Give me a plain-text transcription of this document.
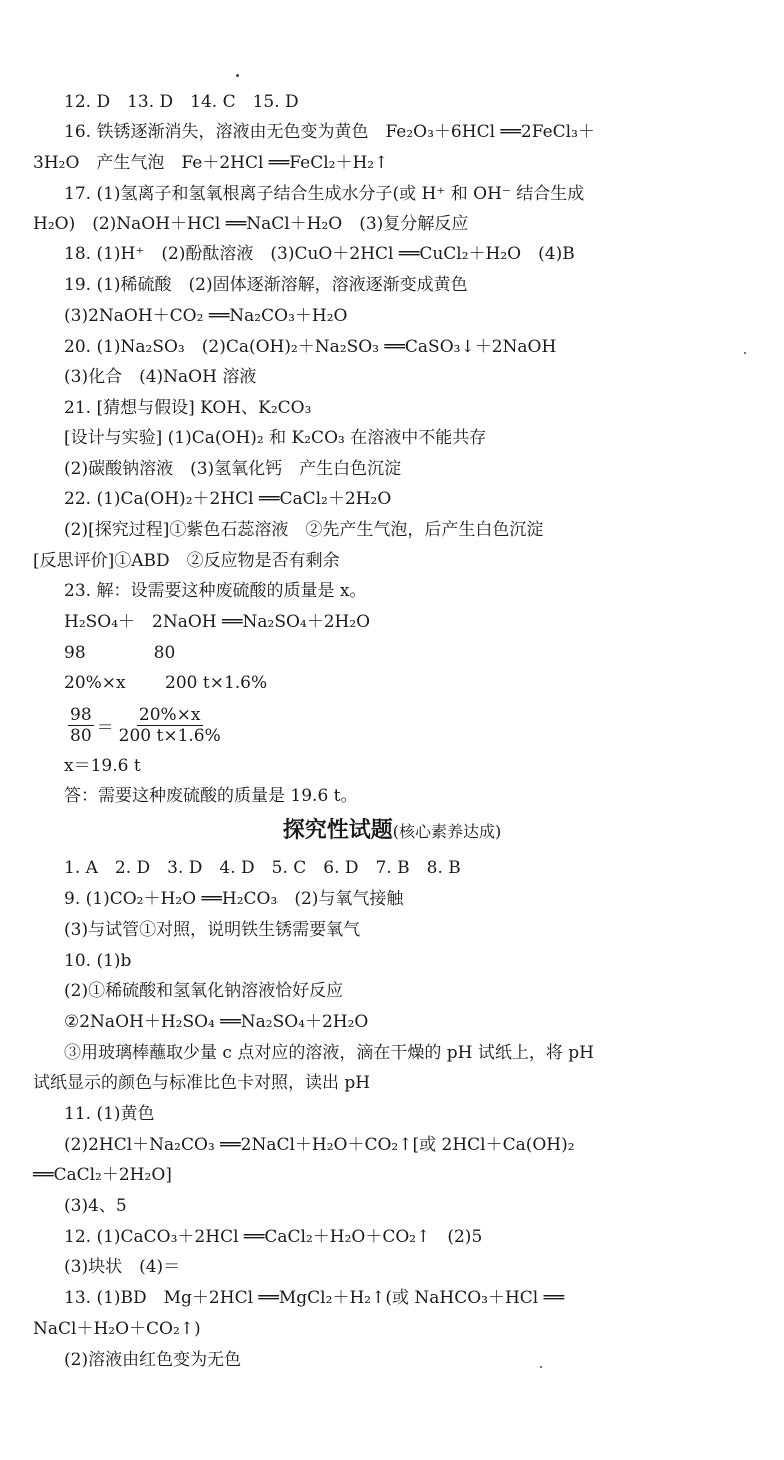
12. D　13. D　14. C　15. D
16. 铁锈逐渐消失，溶液由无色变为黄色　Fe₂O₃＋6HCl ══2FeCl₃＋
3H₂O　产生气泡　Fe＋2HCl ══FeCl₂＋H₂↑
17. (1)氢离子和氢氧根离子结合生成水分子(或 H⁺ 和 OH⁻ 结合生成
H₂O)　(2)NaOH＋HCl ══NaCl＋H₂O　(3)复分解反应
18. (1)H⁺　(2)酚酞溶液　(3)CuO＋2HCl ══CuCl₂＋H₂O　(4)B
19. (1)稀硫酸　(2)固体逐渐溶解，溶液逐渐变成黄色
(3)2NaOH＋CO₂ ══Na₂CO₃＋H₂O
20. (1)Na₂SO₃　(2)Ca(OH)₂＋Na₂SO₃ ══CaSO₃↓＋2NaOH
(3)化合　(4)NaOH 溶液
21. [猜想与假设] KOH、K₂CO₃
[设计与实验] (1)Ca(OH)₂ 和 K₂CO₃ 在溶液中不能共存
(2)碳酸钠溶液　(3)氢氧化钙　产生白色沉淀
22. (1)Ca(OH)₂＋2HCl ══CaCl₂＋2H₂O
(2)[探究过程]①紫色石蕊溶液　②先产生气泡，后产生白色沉淀
[反思评价]①ABD　②反应物是否有剩余
23. 解：设需要这种废硫酸的质量是 x。
H₂SO₄＋　2NaOH ══Na₂SO₄＋2H₂O
98　　　　80
20%×x　　 200 t×1.6%
x＝19.6 t
答：需要这种废硫酸的质量是 19.6 t。
$\frac{98}{80} = \frac{20\%\times x}{200 t\times 1.6\%}$
探究性试题(核心素养达成)
1. A　2. D　3. D　4. D　5. C　6. D　7. B　8. B
9. (1)CO₂＋H₂O ══H₂CO₃　(2)与氧气接触
(3)与试管①对照，说明铁生锈需要氧气
10. (1)b
(2)①稀硫酸和氢氧化钠溶液恰好反应
②2NaOH＋H₂SO₄ ══Na₂SO₄＋2H₂O
③用玻璃棒蘸取少量 c 点对应的溶液，滴在干燥的 pH 试纸上，将 pH
试纸显示的颜色与标准比色卡对照，读出 pH
11. (1)黄色
(2)2HCl＋Na₂CO₃ ══2NaCl＋H₂O＋CO₂↑[或 2HCl＋Ca(OH)₂
══CaCl₂＋2H₂O]
(3)4、5
12. (1)CaCO₃＋2HCl ══CaCl₂＋H₂O＋CO₂↑　(2)5
(3)块状　(4)＝
13. (1)BD　Mg＋2HCl ══MgCl₂＋H₂↑(或 NaHCO₃＋HCl ══
NaCl＋H₂O＋CO₂↑)
(2)溶液由红色变为无色
